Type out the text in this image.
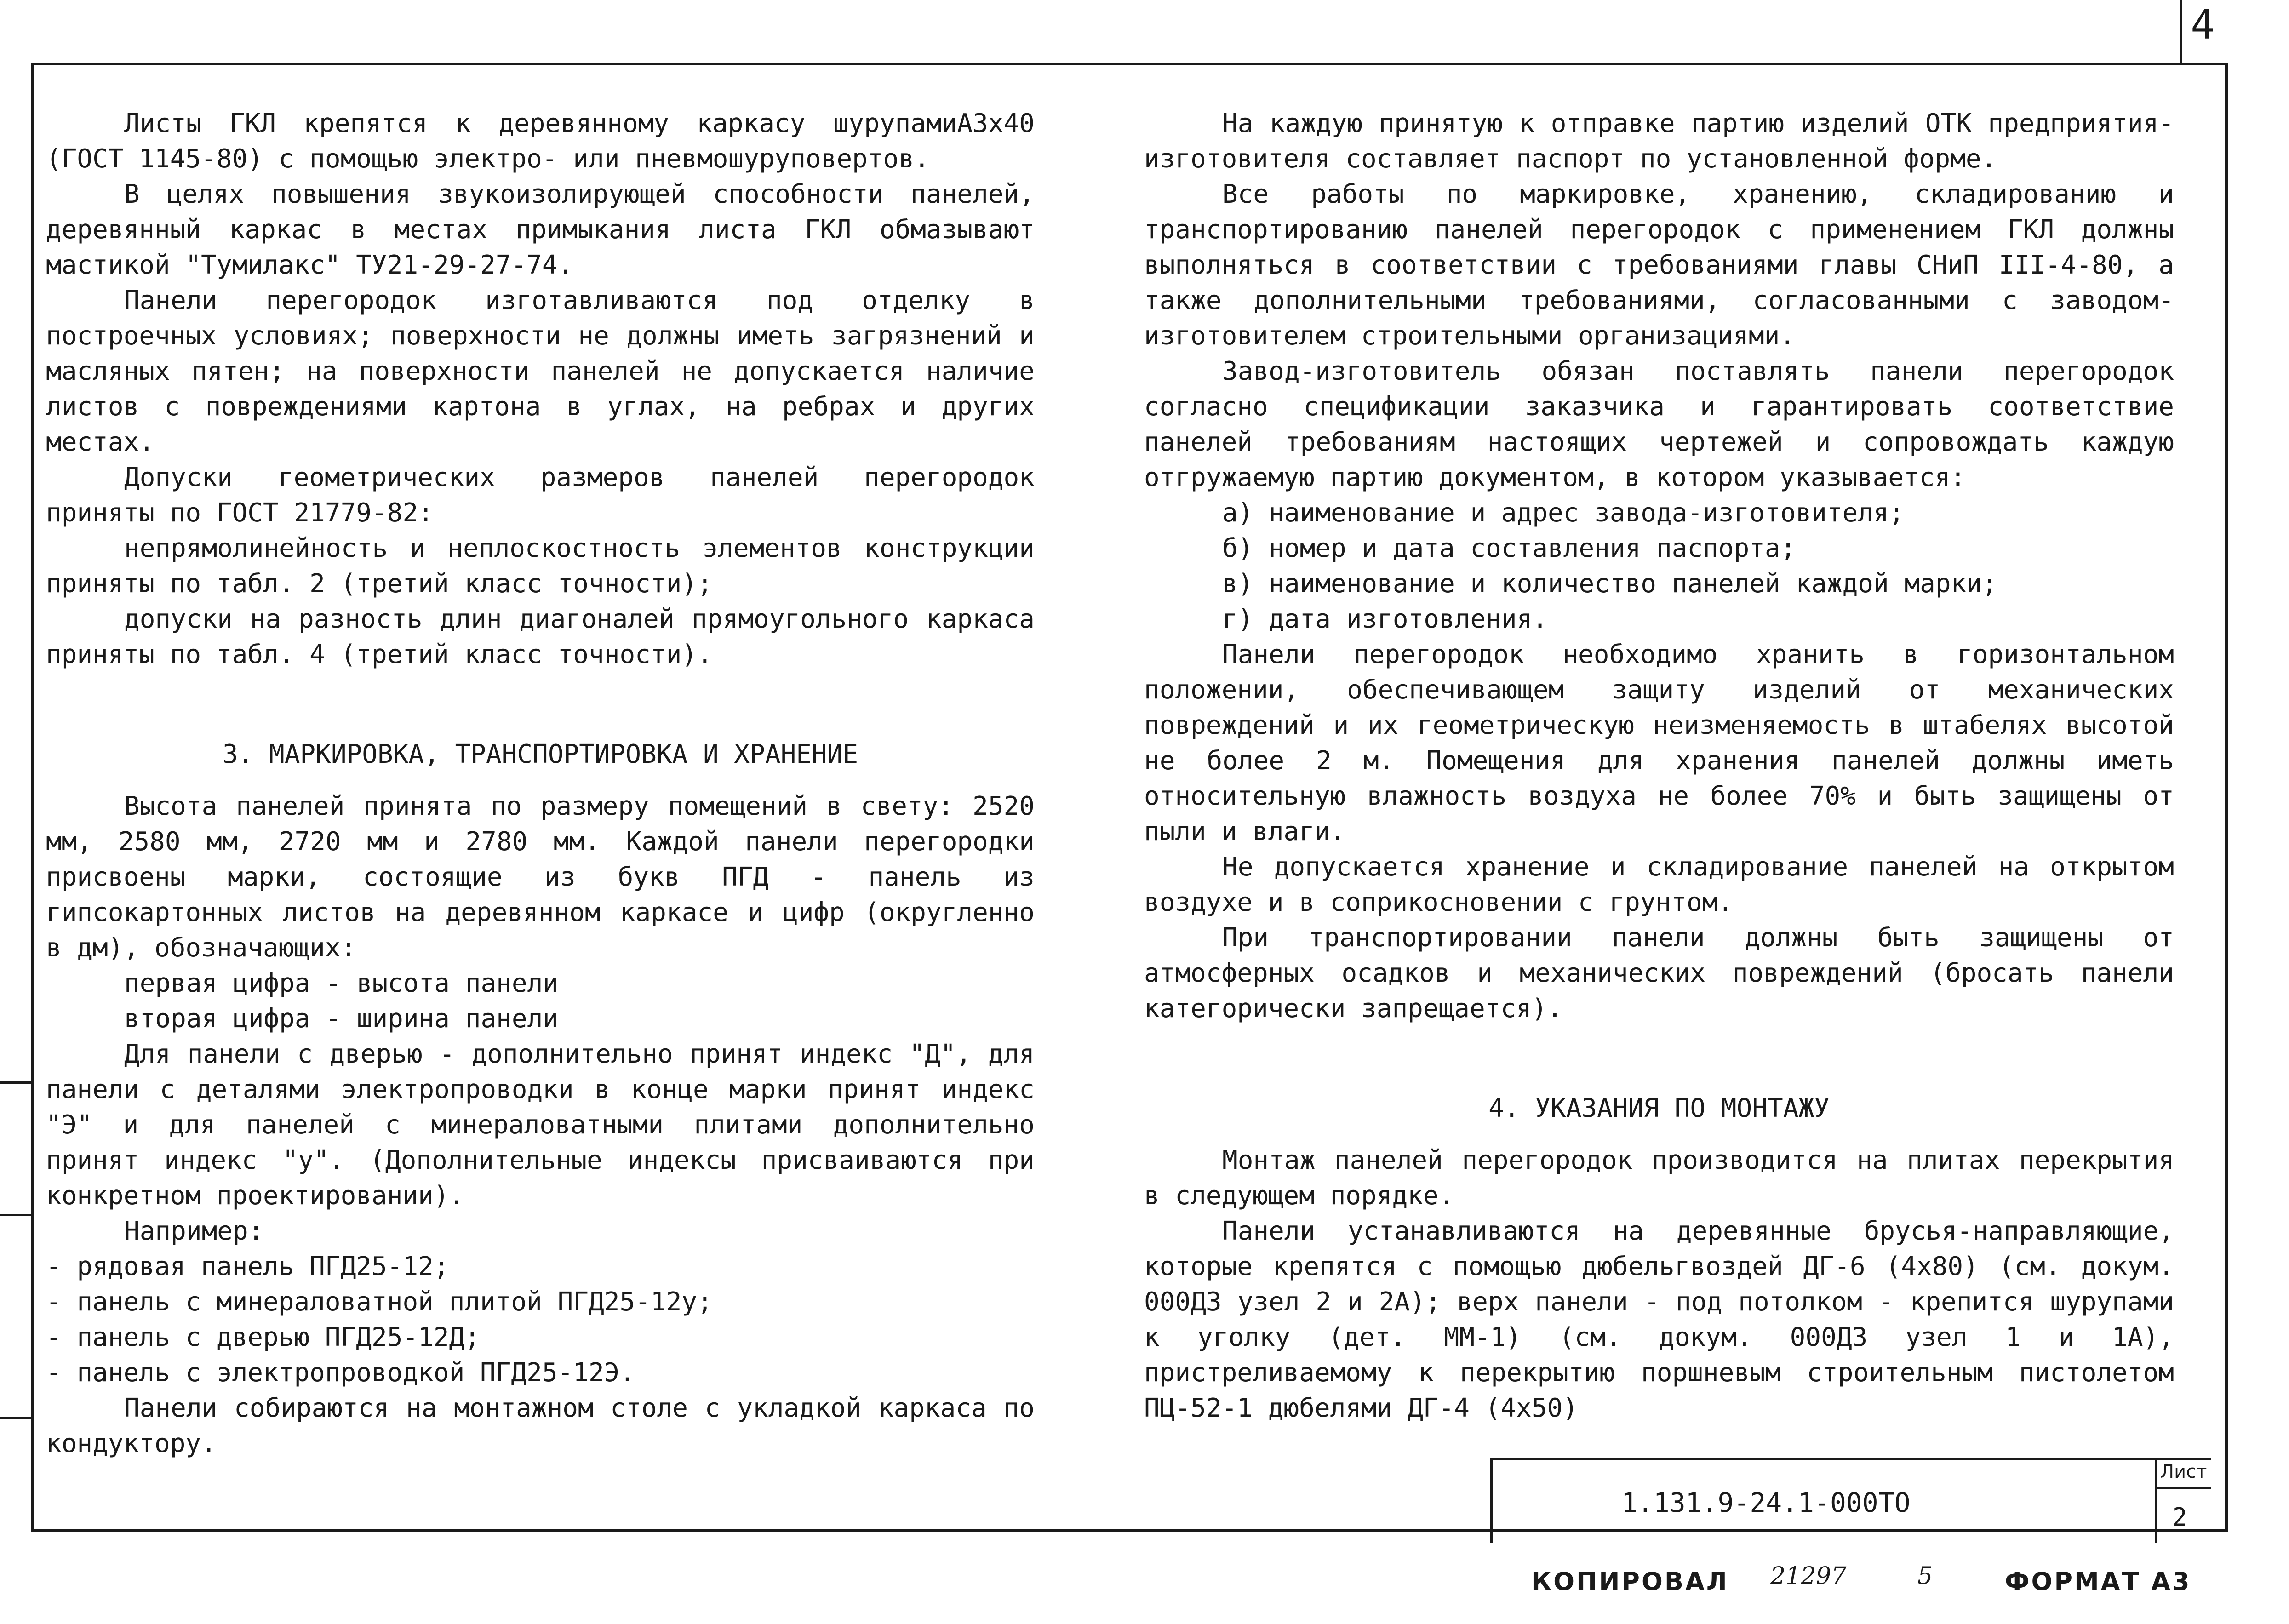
4

Листы ГКЛ крепятся к деревянному каркасу шурупамиА3х40 (ГОСТ 1145-80) с помощью электро- или пневмошуруповертов.

В целях повышения звукоизолирующей способности панелей, деревянный каркас в местах примыкания листа ГКЛ обмазывают мастикой "Тумилакс" ТУ21-29-27-74.

Панели перегородок изготавливаются под отделку в построечных условиях; поверхности не должны иметь загрязнений и масляных пятен; на поверхности панелей не допускается наличие листов с повреждениями картона в углах, на ребрах и других местах.

Допуски геометрических размеров панелей перегородок приняты по ГОСТ 21779-82:

непрямолинейность и неплоскостность элементов конструкции приняты по табл. 2 (третий класс точности);

допуски на разность длин диагоналей прямоугольного каркаса приняты по табл. 4 (третий класс точности).

3. МАРКИРОВКА, ТРАНСПОРТИРОВКА И ХРАНЕНИЕ

Высота панелей принята по размеру помещений в свету: 2520 мм, 2580 мм, 2720 мм и 2780 мм. Каждой панели перегородки присвоены марки, состоящие из букв ПГД - панель из гипсокартонных листов на деревянном каркасе и цифр (округленно в дм), обозначающих:

первая цифра - высота панели

вторая цифра - ширина панели

Для панели с дверью - дополнительно принят индекс "Д", для панели с деталями электропроводки в конце марки принят индекс "Э" и для панелей с минераловатными плитами дополнительно принят индекс "у". (Дополнительные индексы присваиваются при конкретном проектировании).

Например:

- рядовая панель ПГД25-12;

- панель с минераловатной плитой ПГД25-12у;

- панель с дверью ПГД25-12Д;

- панель с электропроводкой ПГД25-12Э.

Панели собираются на монтажном столе с укладкой каркаса по кондуктору.

На каждую принятую к отправке партию изделий ОТК предприятия-изготовителя составляет паспорт по установленной форме.

Все работы по маркировке, хранению, складированию и транспортированию панелей перегородок с применением ГКЛ должны выполняться в соответствии с требованиями главы СНиП III-4-80, а также дополнительными требованиями, согласованными с заводом-изготовителем строительными организациями.

Завод-изготовитель обязан поставлять панели перегородок согласно спецификации заказчика и гарантировать соответствие панелей требованиям настоящих чертежей и сопровождать каждую отгружаемую партию документом, в котором указывается:

а) наименование и адрес завода-изготовителя;

б) номер и дата составления паспорта;

в) наименование и количество панелей каждой марки;

г) дата изготовления.

Панели перегородок необходимо хранить в горизонтальном положении, обеспечивающем защиту изделий от механических повреждений и их геометрическую неизменяемость в штабелях высотой не более 2 м. Помещения для хранения панелей должны иметь относительную влажность воздуха не более 70% и быть защищены от пыли и влаги.

Не допускается хранение и складирование панелей на открытом воздухе и в соприкосновении с грунтом.

При транспортировании панели должны быть защищены от атмосферных осадков и механических повреждений (бросать панели категорически запрещается).

4. УКАЗАНИЯ ПО МОНТАЖУ

Монтаж панелей перегородок производится на плитах перекрытия в следующем порядке.

Панели устанавливаются на деревянные брусья-направляющие, которые крепятся с помощью дюбельгвоздей ДГ-6 (4х80) (см. докум. 000Д3 узел 2 и 2А); верх панели - под потолком - крепится шурупами к уголку (дет. ММ-1) (см. докум. 000Д3 узел 1 и 1А), пристреливаемому к перекрытию поршневым строительным пистолетом ПЦ-52-1 дюбелями ДГ-4 (4х50)

1.131.9-24.1-000ТО
Лист
2
КОПИРОВАЛ 21297	5	ФОРМАТ А3
